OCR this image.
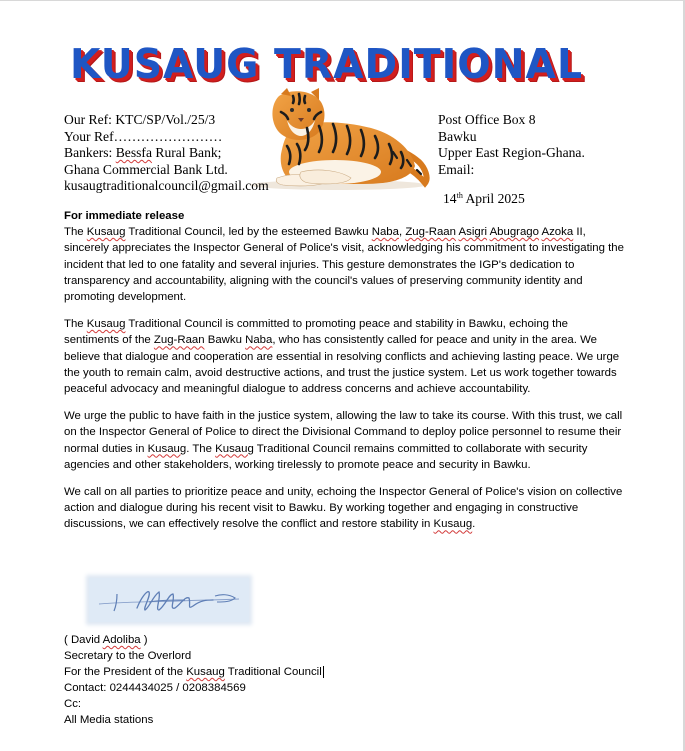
KUSAUG TRADITIONAL
Our Ref: KTC/SP/Vol./25/3
Your Ref……………………
Bankers: Bessfa Rural Bank;
Ghana Commercial Bank Ltd.
kusaugtraditionalcouncil@gmail.com
Post Office Box 8
Bawku
Upper East Region-Ghana.
Email:
14th April 2025

For immediate release

The Kusaug Traditional Council, led by the esteemed Bawku Naba, Zug-Raan Asigri Abugrago Azoka II, sincerely appreciates the Inspector General of Police's visit, acknowledging his commitment to investigating the incident that led to one fatality and several injuries. This gesture demonstrates the IGP's dedication to transparency and accountability, aligning with the council's values of preserving community identity and promoting development.

The Kusaug Traditional Council is committed to promoting peace and stability in Bawku, echoing the sentiments of the Zug-Raan Bawku Naba, who has consistently called for peace and unity in the area. We believe that dialogue and cooperation are essential in resolving conflicts and achieving lasting peace. We urge the youth to remain calm, avoid destructive actions, and trust the justice system. Let us work together towards peaceful advocacy and meaningful dialogue to address concerns and achieve accountability.

We urge the public to have faith in the justice system, allowing the law to take its course. With this trust, we call on the Inspector General of Police to direct the Divisional Command to deploy police personnel to resume their normal duties in Kusaug. The Kusaug Traditional Council remains committed to collaborate with security agencies and other stakeholders, working tirelessly to promote peace and security in Bawku.

We call on all parties to prioritize peace and unity, echoing the Inspector General of Police's vision on collective action and dialogue during his recent visit to Bawku. By working together and engaging in constructive discussions, we can effectively resolve the conflict and restore stability in Kusaug.

( David Adoliba )
Secretary to the Overlord
For the President of the Kusaug Traditional Council
Contact: 0244434025 / 0208384569
Cc:
All Media stations
